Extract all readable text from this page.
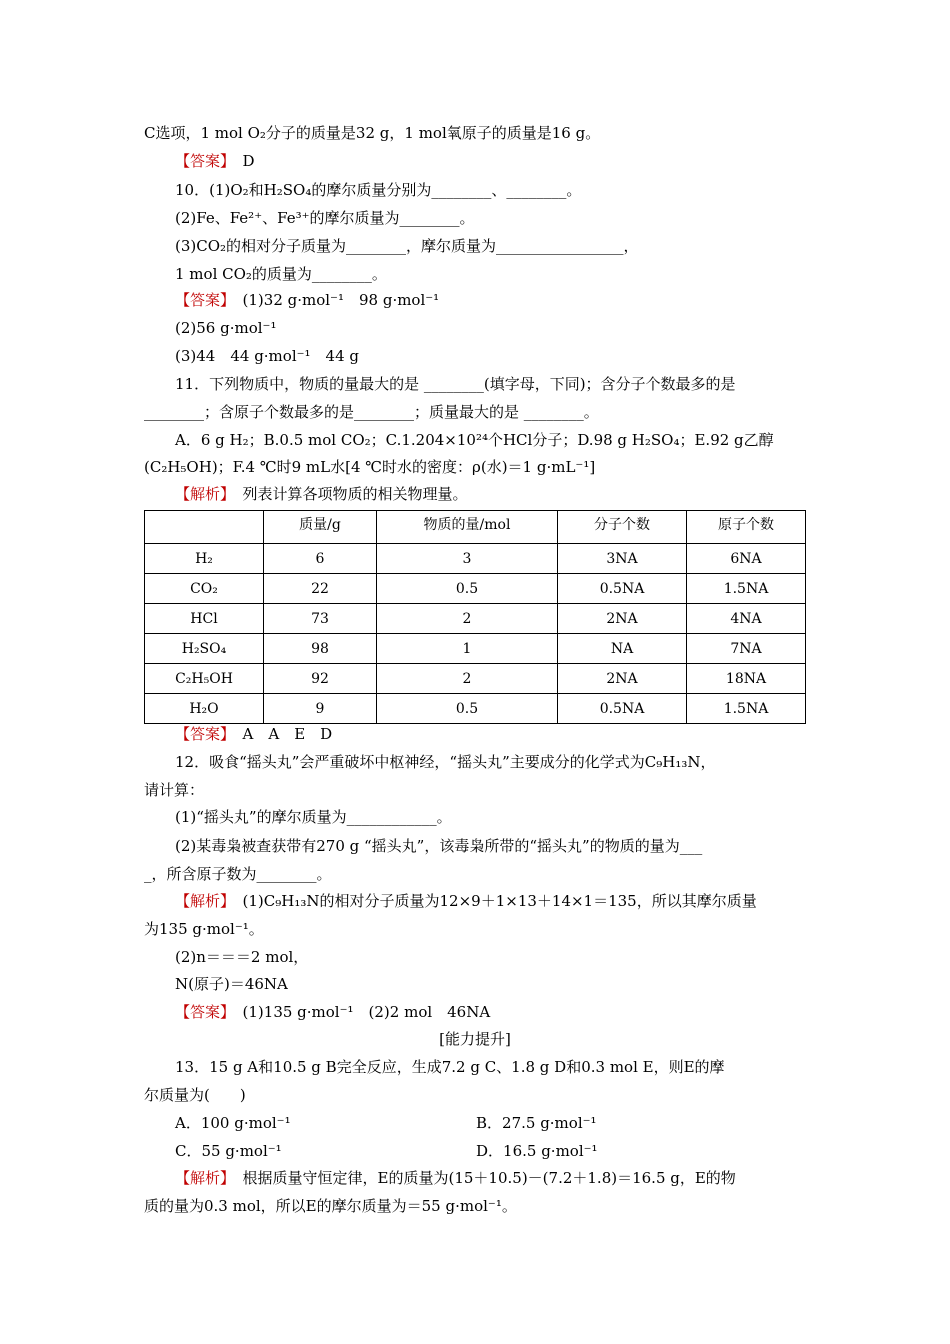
C选项，1 mol O₂分子的质量是32 g，1 mol氧原子的质量是16 g。
【答案】　 D
10．(1)O₂和H₂SO₄的摩尔质量分别为________、________。
(2)Fe、Fe²⁺、Fe³⁺的摩尔质量为________。
(3)CO₂的相对分子质量为________，摩尔质量为_________________，
1 mol CO₂的质量为________。
【答案】　 (1)32 g·mol⁻¹　98 g·mol⁻¹
(2)56 g·mol⁻¹
(3)44　44 g·mol⁻¹　44 g
11．下列物质中，物质的量最大的是 ________(填字母，下同)；含分子个数最多的是
________；含原子个数最多的是________；质量最大的是 ________。
A．6 g H₂；B.0.5 mol CO₂；C.1.204×10²⁴个HCl分子；D.98 g H₂SO₄；E.92 g乙醇
(C₂H₅OH)；F.4 ℃时9 mL水[4 ℃时水的密度：ρ(水)＝1 g·mL⁻¹]
【解析】　 列表计算各项物质的相关物理量。
	质量/g	物质的量/mol	分子个数	原子个数
H₂	6	3	3NA	6NA
CO₂	22	0.5	0.5NA	1.5NA
HCl	73	2	2NA	4NA
H₂SO₄	98	1	NA	7NA
C₂H₅OH	92	2	2NA	18NA
H₂O	9	0.5	0.5NA	1.5NA
【答案】　 A　A　E　D
12．吸食“摇头丸”会严重破坏中枢神经，“摇头丸”主要成分的化学式为C₉H₁₃N，
请计算：
(1)“摇头丸”的摩尔质量为____________。
(2)某毒枭被查获带有270 g “摇头丸”，该毒枭所带的“摇头丸”的物质的量为___
_，所含原子数为________。
【解析】　 (1)C₉H₁₃N的相对分子质量为12×9＋1×13＋14×1＝135，所以其摩尔质量
为135 g·mol⁻¹。
(2)n＝＝＝2 mol，
N(原子)＝46NA
【答案】　 (1)135 g·mol⁻¹　(2)2 mol　46NA
[能力提升]
13．15 g A和10.5 g B完全反应，生成7.2 g C、1.8 g D和0.3 mol E，则E的摩
尔质量为(　　)
A．100 g·mol⁻¹	B．27.5 g·mol⁻¹
C．55 g·mol⁻¹	D．16.5 g·mol⁻¹
【解析】　 根据质量守恒定律，E的质量为(15＋10.5)－(7.2＋1.8)＝16.5 g，E的物
质的量为0.3 mol，所以E的摩尔质量为＝55 g·mol⁻¹。
